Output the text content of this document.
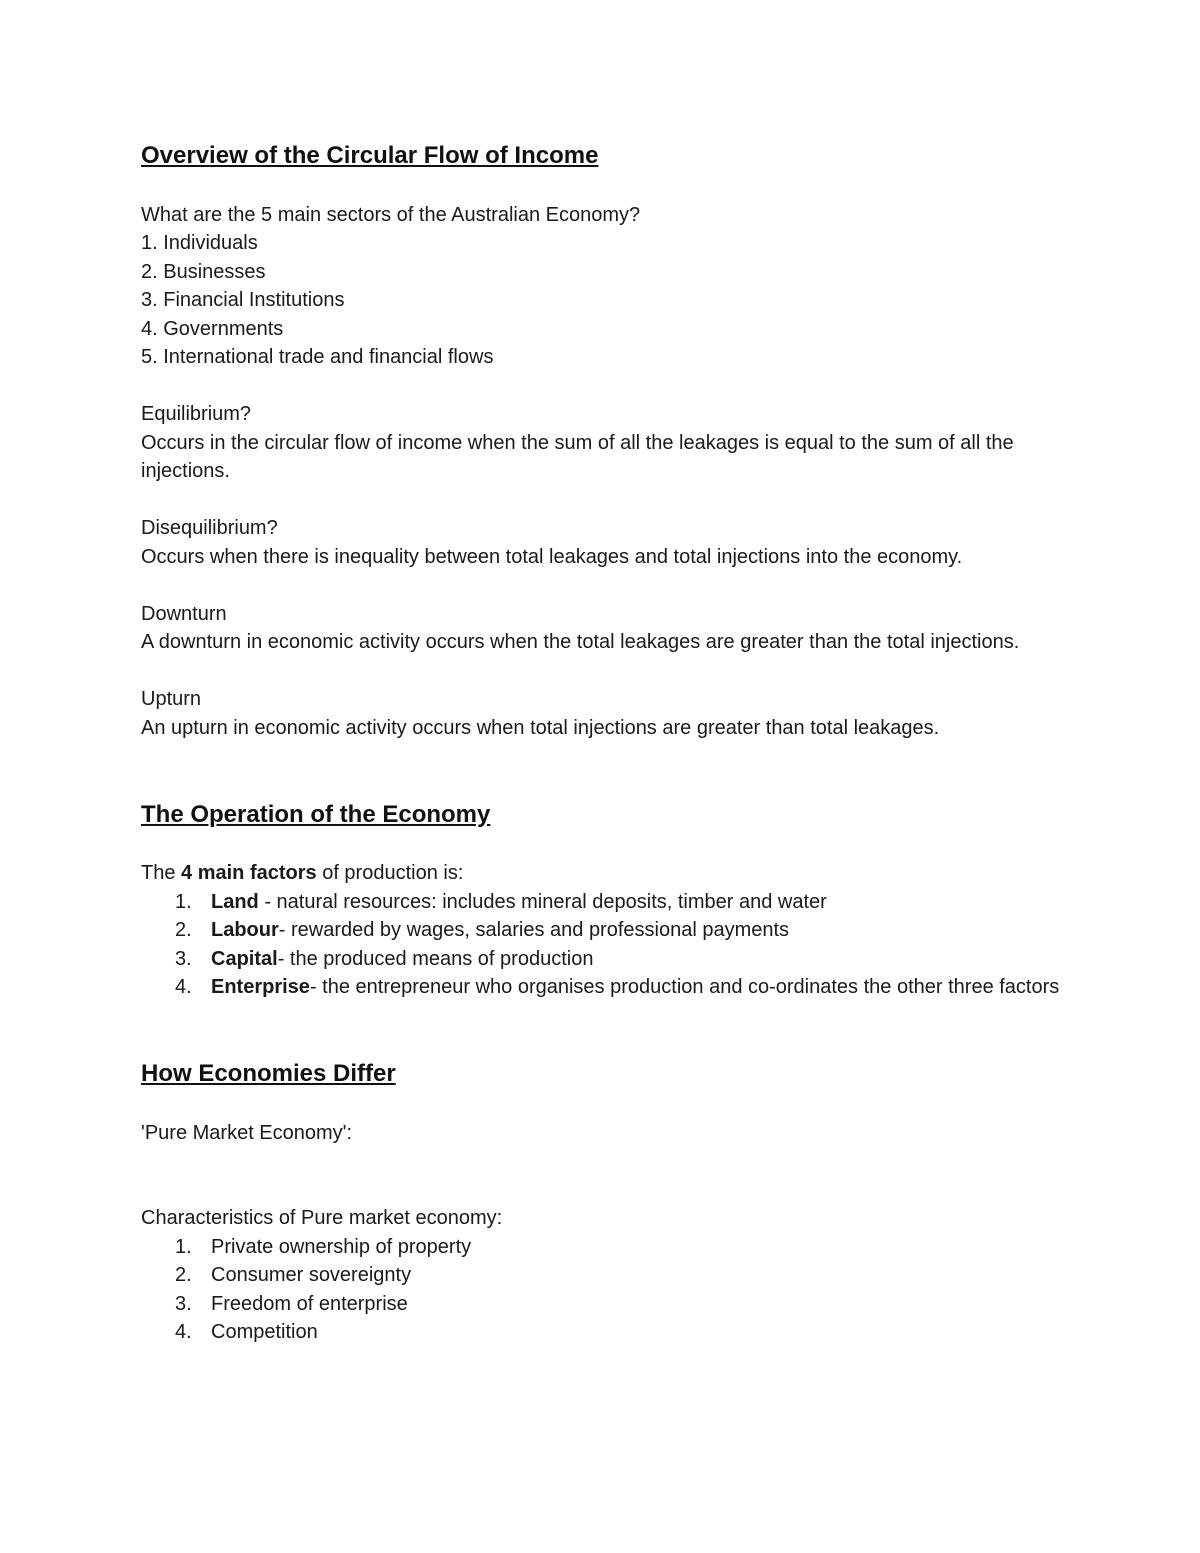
Overview of the Circular Flow of Income

What are the 5 main sectors of the Australian Economy?

1. Individuals

2. Businesses

3. Financial Institutions

4. Governments

5. International trade and financial flows

Equilibrium?

Occurs in the circular flow of income when the sum of all the leakages is equal to the sum of all the injections.

Disequilibrium?

Occurs when there is inequality between total leakages and total injections into the economy.

Downturn

A downturn in economic activity occurs when the total leakages are greater than the total injections.

Upturn

An upturn in economic activity occurs when total injections are greater than total leakages.

The Operation of the Economy

The 4 main factors of production is:

1. Land - natural resources: includes mineral deposits, timber and water
2. Labour- rewarded by wages, salaries and professional payments
3. Capital- the produced means of production
4. Enterprise- the entrepreneur who organises production and co-ordinates the other three factors
How Economies Differ

'Pure Market Economy':

Characteristics of Pure market economy:

1. Private ownership of property
2. Consumer sovereignty
3. Freedom of enterprise
4. Competition
